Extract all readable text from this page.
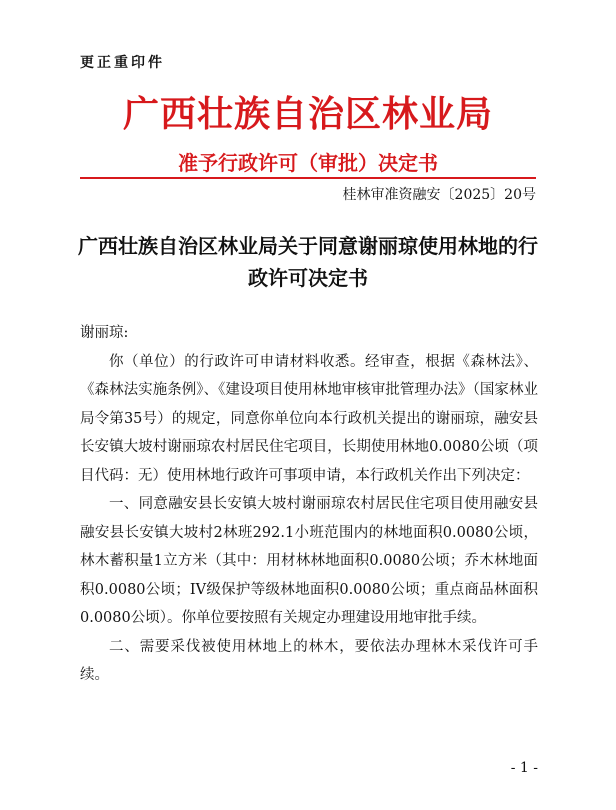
更正重印件
广西壮族自治区林业局
准予行政许可（审批）决定书
桂林审准资融安〔2025〕20号
广西壮族自治区林业局关于同意谢丽琼使用林地的行政许可决定书

谢丽琼:

你（单位）的行政许可申请材料收悉。经审查，根据《森林法》、《森林法实施条例》、《建设项目使用林地审核审批管理办法》（国家林业局令第35号）的规定，同意你单位向本行政机关提出的谢丽琼，融安县长安镇大坡村谢丽琼农村居民住宅项目，长期使用林地0.0080公顷（项目代码：无）使用林地行政许可事项申请，本行政机关作出下列决定：

一、同意融安县长安镇大坡村谢丽琼农村居民住宅项目使用融安县融安县长安镇大坡村2林班292.1小班范围内的林地面积0.0080公顷，林木蓄积量1立方米（其中：用材林林地面积0.0080公顷；乔木林地面积0.0080公顷；IV级保护等级林地面积0.0080公顷；重点商品林面积0.0080公顷）。你单位要按照有关规定办理建设用地审批手续。

二、需要采伐被使用林地上的林木，要依法办理林木采伐许可手续。

- 1 -
